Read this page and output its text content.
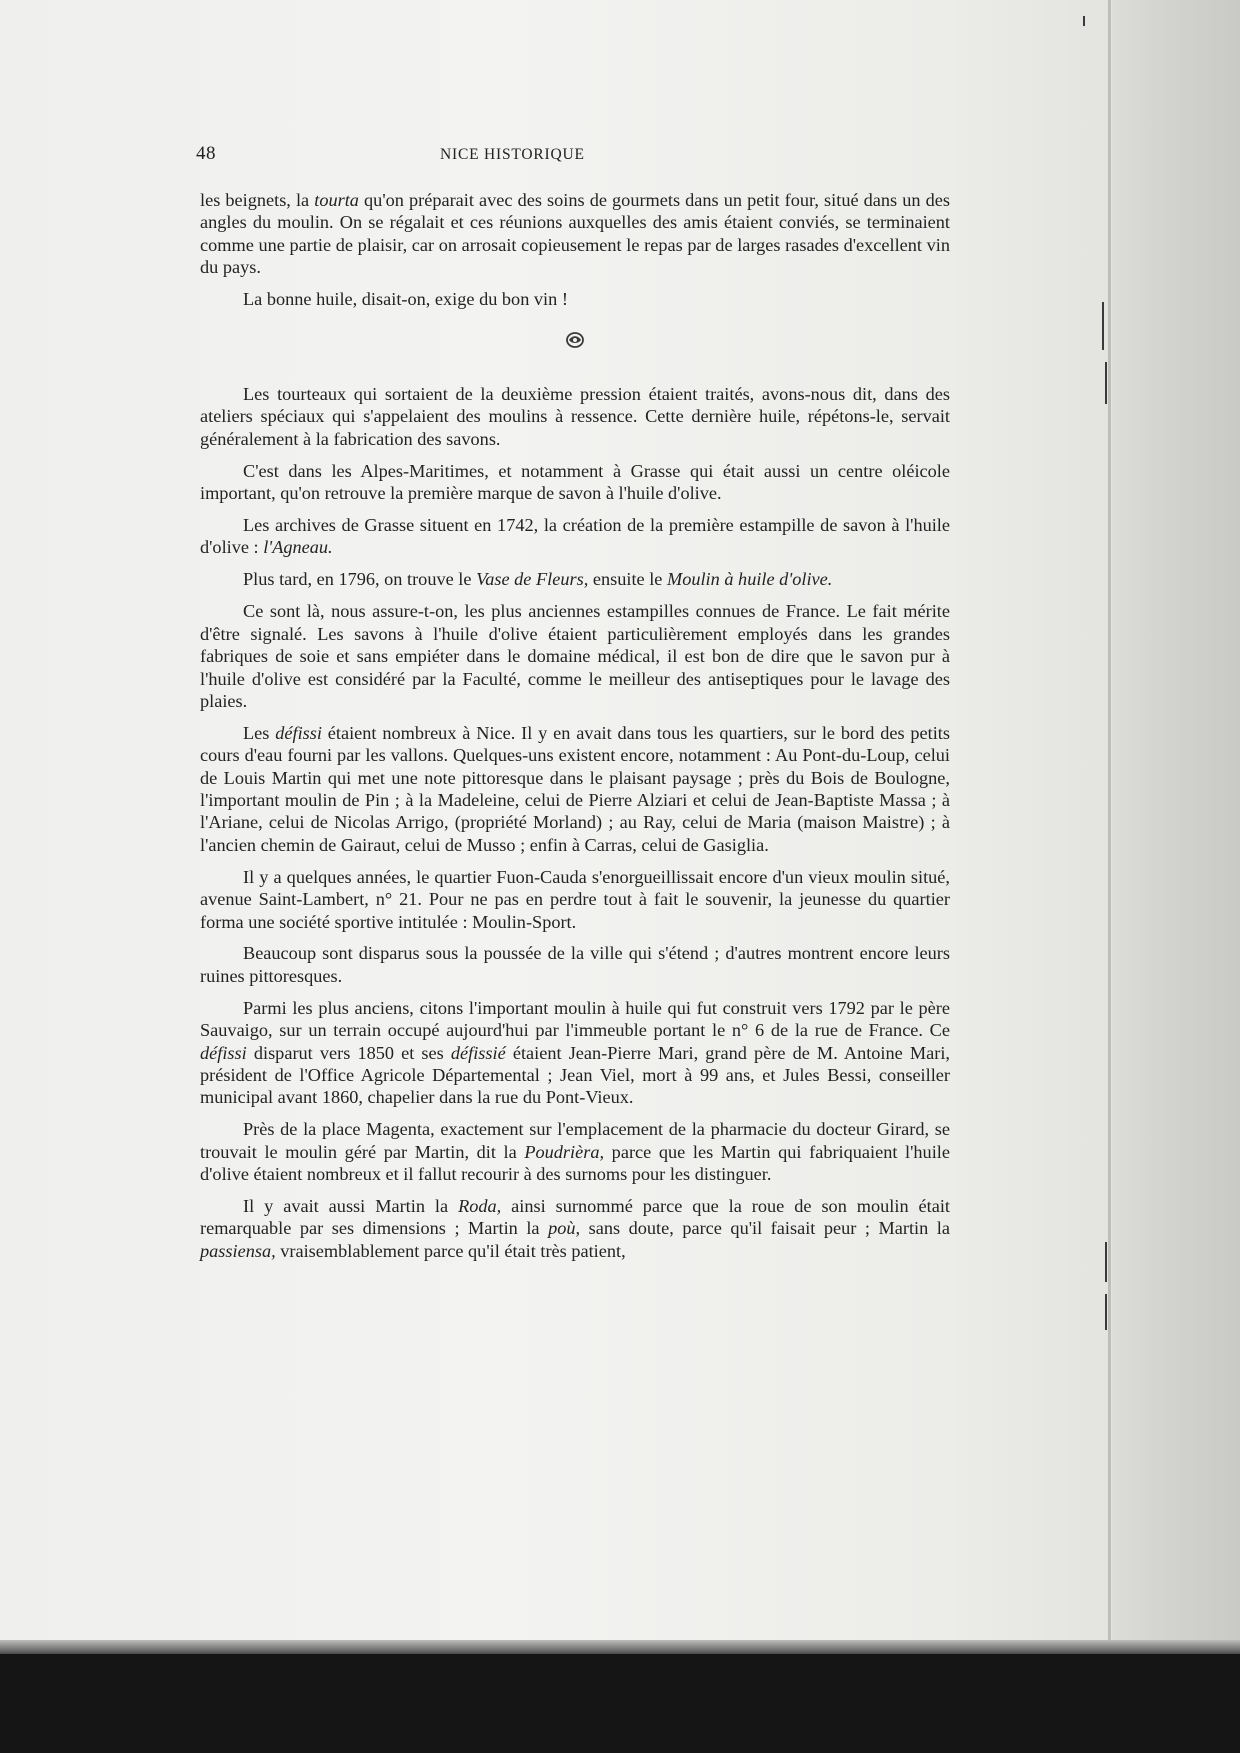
48	NICE HISTORIQUE

les beignets, la tourta qu'on préparait avec des soins de gourmets dans un petit four, situé dans un des angles du moulin. On se régalait et ces réunions auxquelles des amis étaient conviés, se terminaient comme une partie de plaisir, car on arrosait copieusement le repas par de larges rasades d'excellent vin du pays.

La bonne huile, disait-on, exige du bon vin !

Les tourteaux qui sortaient de la deuxième pression étaient traités, avons-nous dit, dans des ateliers spéciaux qui s'appelaient des moulins à ressence. Cette dernière huile, répétons-le, servait généralement à la fabrication des savons.

C'est dans les Alpes-Maritimes, et notamment à Grasse qui était aussi un centre oléicole important, qu'on retrouve la première marque de savon à l'huile d'olive.

Les archives de Grasse situent en 1742, la création de la première estampille de savon à l'huile d'olive : l'Agneau.

Plus tard, en 1796, on trouve le Vase de Fleurs, ensuite le Moulin à huile d'olive.

Ce sont là, nous assure-t-on, les plus anciennes estampilles connues de France. Le fait mérite d'être signalé. Les savons à l'huile d'olive étaient particulièrement employés dans les grandes fabriques de soie et sans empiéter dans le domaine médical, il est bon de dire que le savon pur à l'huile d'olive est considéré par la Faculté, comme le meilleur des antiseptiques pour le lavage des plaies.

Les défissi étaient nombreux à Nice. Il y en avait dans tous les quartiers, sur le bord des petits cours d'eau fourni par les vallons. Quelques-uns existent encore, notamment : Au Pont-du-Loup, celui de Louis Martin qui met une note pittoresque dans le plaisant paysage ; près du Bois de Boulogne, l'important moulin de Pin ; à la Madeleine, celui de Pierre Alziari et celui de Jean-Baptiste Massa ; à l'Ariane, celui de Nicolas Arrigo, (propriété Morland) ; au Ray, celui de Maria (maison Maistre) ; à l'ancien chemin de Gairaut, celui de Musso ; enfin à Carras, celui de Gasiglia.

Il y a quelques années, le quartier Fuon-Cauda s'enorgueillissait encore d'un vieux moulin situé, avenue Saint-Lambert, n° 21. Pour ne pas en perdre tout à fait le souvenir, la jeunesse du quartier forma une société sportive intitulée : Moulin-Sport.

Beaucoup sont disparus sous la poussée de la ville qui s'étend ; d'autres montrent encore leurs ruines pittoresques.

Parmi les plus anciens, citons l'important moulin à huile qui fut construit vers 1792 par le père Sauvaigo, sur un terrain occupé aujourd'hui par l'immeuble portant le n° 6 de la rue de France. Ce défissi disparut vers 1850 et ses défissié étaient Jean-Pierre Mari, grand père de M. Antoine Mari, président de l'Office Agricole Départemental ; Jean Viel, mort à 99 ans, et Jules Bessi, conseiller municipal avant 1860, chapelier dans la rue du Pont-Vieux.

Près de la place Magenta, exactement sur l'emplacement de la pharmacie du docteur Girard, se trouvait le moulin géré par Martin, dit la Poudrièra, parce que les Martin qui fabriquaient l'huile d'olive étaient nombreux et il fallut recourir à des surnoms pour les distinguer.

Il y avait aussi Martin la Roda, ainsi surnommé parce que la roue de son moulin était remarquable par ses dimensions ; Martin la poù, sans doute, parce qu'il faisait peur ; Martin la passiensa, vraisemblablement parce qu'il était très patient,
